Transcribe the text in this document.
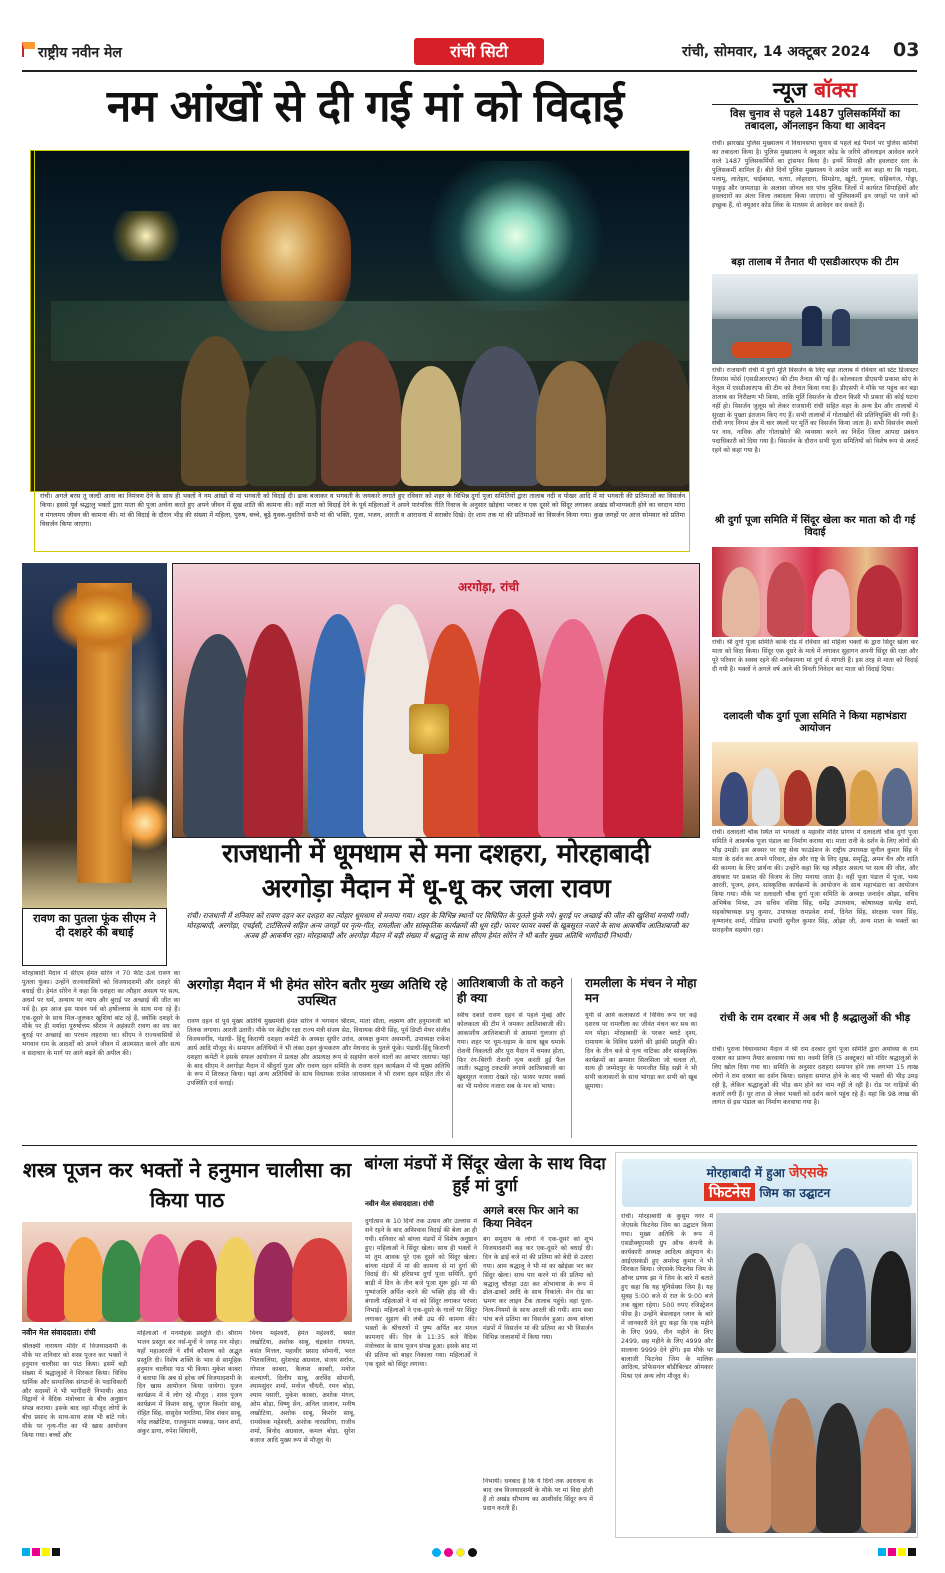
राष्ट्रीय नवीन मेल	रांची सिटी	रांची, सोमवार, 14 अक्टूबर 2024 03
नम आंखों से दी गई मां को विदाई
रांची। अगले बरस तू जल्दी आना का निमंत्रण देने के साथ ही भक्तों ने नम आंखों से मां भगवती को विदाई दी। ढाक बजाकर व भगवती के जयकारे लगाते हुए रविवार को शहर के विभिन्न दुर्गा पूजा समितियों द्वारा तालाब नदी व पोखर आदि में मां भगवती की प्रतिमाओं का विसर्जन किया। इससे पूर्व श्रद्धालु भक्तों द्वारा माता की पूजा अर्चना करते हुए अपने जीवन में सुख शांति की कामना की। वहीं माता को विदाई देने के पूर्व महिलाओं ने अपने पारंपरिक रीति रिवाज के अनुसार खोइंचा भरकर व एक दूसरे को सिंदूर लगाकर अखंड सौभाग्यवती होने का वरदान मांगा व मंगलमय जीवन की कामना की। मां की विदाई के दौरान भीड़ की संख्या में महिला, पुरुष, बच्चे, बूढ़े युवक-युवतियों सभी मां की भक्ति, पूजा, भजन, आरती व आराधना में सराबोर दिखे। देर शाम तक मां की प्रतिमाओं का विसर्जन किया गया। कुछ जगहों पर आज सोमवार को प्रतिमा विसर्जन किया जाएगा।
न्यूज बॉक्स
विस चुनाव से पहले 1487 पुलिसकर्मियों का तबादला, ऑनलाइन किया था आवेदन
रांची। झारखंड पुलिस मुख्यालय ने विधानसभा चुनाव से पहले बड़े पैमाने पर पुलिस कर्मियों का तबादला किया है। पुलिस मुख्यालय ने क्यूआर कोड के जरिये ऑनलाइन आवेदन करने वाले 1487 पुलिसकर्मियों का ट्रांसफर किया है। इनमें सिपाही और हवलदार स्तर के पुलिसकर्मी शामिल हैं। बीते दिनों पुलिस मुख्यालय ने आदेश जारी कर कहा था कि गढ़वा, पलामू, लातेहार, चाईबासा, चतरा, लोहरदगा, सिमडेगा, खूंटी, गुमला, सहिबगंज, गोड्डा, पाकुड़ और जामताड़ा के अलावा जोनल वार पांच पुलिस जिलों में कार्यरत सिपाहियों और हवलदारों का अंतर जिला तबादला किया जाएगा। वो पुलिसकर्मी इन जगहों पर जाने को इच्छुक हैं, वो क्यूआर कोड लिंक के माध्यम से आवेदन कर सकते हैं।
बड़ा तालाब में तैनात थी एसडीआरएफ की टीम
रांची। राजधानी रांची में दुर्गा मूर्ति विसर्जन के लिए बड़ा तालाब में रविवार को स्टेट डिजास्टर रिस्पांस फोर्स (एसडीआरएफ) की टीम तैनात की गई है। कोलकाता डीएसपी प्रकाश सोए के नेतृत्व में एसडीआरएफ की टीम को तैनात किया गया है। डीएसपी ने मौके पर पहुंच कर बड़ा तालाब का निरीक्षण भी किया, ताकि मूर्ति विसर्जन के दौरान किसी भी प्रकार की कोई घटना नहीं हो। विसर्जन जुलूस को लेकर राजधानी रांची सहित शहर के अन्य डैम और तालाबों में सुरक्षा के पुख्ता इंतजाम किए गए हैं। सभी तालाबों में गोताखोरों की प्रतिनियुक्ति की गयी है। रांची नगर निगम क्षेत्र में चार स्थलों पर मूर्ति का विसर्जन किया जाता है। सभी विसर्जन स्थलों पर नाव, नाविक और गोताखोरों की व्यवस्था करने का निर्देश जिला आपदा प्रबंधन पदाधिकारी को दिया गया है। विसर्जन के दौरान सभी पूजा समितियों को विशेष रूप से अलर्ट रहने को कहा गया है।
श्री दुर्गा पूजा समिति में सिंदूर खेला कर माता को दी गई विदाई
रांची। श्री दुर्गा पूजा समिति कांके रोड में रविवार को महिला भक्तों के द्वारा सिंदूर खेला कर माता को विदा किया। सिंदूर एक दूसरे के माथे में लगाकर सुहागन अपनी सिंदूर की रक्षा और पूरे परिवार के स्वस्थ रहने की मनोकामना मां दुर्गा से मांगती हैं। इस तरह से माता को विदाई दी गयी है। भक्तों ने अगले वर्ष आने की विनती निवेदन कर माता को विदाई दिया।
दलादली चौक दुर्गा पूजा समिति ने किया महाभंडारा आयोजन
रांची। दलादली चौक स्थित मां भगवती व महावीर मंदिर प्रांगण में दलादली चौक दुर्गा पूजा समिति ने आकर्षक पूजा पंडाल का निर्माण कराया था। माता रानी के दर्शन के लिए लोगों की भीड़ उमड़ी। इस अवसर पर राष्ट्र सेवा फाउंडेशन के राष्ट्रीय उपाध्यक्ष सुनील कुमार सिंह ने माता के दर्शन कर अपने परिवार, क्षेत्र और राष्ट्र के लिए सुख, समृद्धि, अमन चैन और शांति की कामना के लिए प्रार्थना की। उन्होंने कहा कि यह त्यौहार असत्य पर सत्य की जीत, और अंधकार पर प्रकाश की विजय के लिए मनाया जाता है। वहीं पूजा पंडाल में पूजा, भव्य आरती, पूजन, हवन, सांस्कृतिक कार्यक्रमों के आयोजन के साथ महाभंडारा का आयोजन किया गया। मौके पर दलादली चौक दुर्गा पूजा समिति के अध्यक्ष जनार्दन ओझा, सचिव अभिषेक मिश्रा, उप सचिव वशिष्ठ सिंह, धर्मेंद्र उपाध्याय, कोषाध्यक्ष सत्येंद्र शर्मा, सहकोषाध्यक्ष प्रभु कुमार, उपाध्यक्ष रामप्रवेश शर्मा, दिनेश सिंह, संरक्षक पवन सिंह, कृष्णानंद शर्मा, मीडिया प्रभारी सुनील कुमार सिंह, ओझा जी, अन्य माता के भक्तों का सराहनीय सहयोग रहा।
रांची के राम दरबार में अब भी है श्रद्धालुओं की भीड़
रांची। पुराना विधानसभा मैदान में श्री राम दरबार दुर्गा पूजा समिति द्वारा अयोध्या के राम दरबार का प्रारूप तैयार करवाया गया था। नवमी तिथि (5 अक्टूबर) को मंदिर श्रद्धालुओं के लिए खोल दिया गया था। समिति के अनुसार दशहरा समापन होने तक लगभग 15 लाख लोगों ने राम दरबार का दर्शन किया। दशहरा समाप्त होने के बाद भी भक्तों की भीड़ उमड़ रही है, लेकिन श्रद्धालुओं की भीड़ कम होने का नाम नहीं ले रही है। रोड पर गाड़ियों की कतारें लगी हैं। पूर ताज से लेकर भक्तों को दर्शन करने पहुंच रहे हैं। यहां कि 98 लाख की लागत से इस पंडाल का निर्माण करवाया गया है।
रावण का पुतला फूंक सीएम ने दी दशहरे की बधाई
मोरहाबादी मैदान में सीएम हेमंत सोरेन ने 70 फीट ऊंचे रावण का पुतला फूंका। उन्होंने राज्यवासियों को विजयादशमी और दशहरे की बधाई दी। हेमंत सोरेन ने कहा कि दशहरा का त्यौहार असत्य पर सत्य, अधर्म पर धर्म, अन्याय पर न्याय और बुराई पर अच्छाई की जीत का पर्व है। हम आज इस पावन पर्व को हर्षोल्लास के साथ मना रहे हैं। एक-दूसरे के साथ मिल-जुलकर खुशियां बांट रहे हैं, क्योंकि दशहरे के मौके पर ही मर्यादा पुरुषोत्तम श्रीराम ने अहंकारी रावण का वध कर बुराई पर अच्छाई का परचम लहराया था। सीएम ने राज्यवासियों से भगवान राम के आदर्शों को अपने जीवन में आत्मसात करने और सत्य व सदाचार के मार्ग पर आगे बढ़ने की अपील की।
अरगोड़ा, रांची
राजधानी में धूमधाम से मना दशहरा, मोरहाबादी
अरगोड़ा मैदान में धू-धू कर जला रावण
रांची। राजधानी में शनिवार को रावण दहन कर दशहरा का त्योहार धूमधाम से मनाया गया। शहर के विभिन्न स्थानों पर विधिवित के पुतले फूंके गये। बुराई पर अच्छाई की जीत की खुशियां मनायी गयी। मोरहाबादी, अरगोड़ा, एचईसी, टार्टसिलवे सहित अन्य जगहों पर नृत्य-गीत, रामलीला और सांस्कृतिक कार्यक्रमों की धूम रही। फायर फायर वर्क्स के खूबसूरत नजारे के साथ आकर्षीय आतिशबाजी का अजब ही आकर्षण रहा। मोरहाबादी और अरगोड़ा मैदान में बड़ी संख्या में श्रद्धालु के साथ सीएम हेमंत सोरेन ने भी बतौर मुख्य अतिथि भागीदारी निभायी।
अरगोड़ा मैदान में भी हेमंत सोरेन बतौर मुख्य अतिथि रहे उपस्थित
रावण दहन से पूर्व मुख्य अतिथि मुख्यमंत्री हेमंत सोरेन ने भगवान श्रीराम, माता सीता, लक्ष्मण और हनुमानजी को तिलक लगाया। आरती उतारी। मौके पर केंद्रीय रक्षा राज्य मंत्री संजय सेठ, विधायक सीपी सिंह, पूर्व डिप्टी मेयर संजीव विजयवर्गीय, पंडाधी- हिंदू किराणी दशहरा कमेटी के अध्यक्ष सुधीर उरांव, अध्यक्ष कुमार अवमानी, उपाध्यक्ष राकेश आर्य आदि मौजूद थे। समापन अतिथियों ने भी लंका दहन कुंभकरण और मेघनाद के पुतले फूंके। पंडाधी-हिंदू किराणी दशहरा कमेटी ने इसके सफल आयोजन में प्रत्यक्ष और अप्रत्यक्ष रूप से सहयोग करने वालों का आभार जताया। यहां के बाद सीएम ने अरगोड़ा मैदान में श्रीदुर्गा पूजा और रावण दहन समिति के रावण दहन कार्यक्रम में भी मुख्य अतिथि के रूप में शिरकत किया। यहां अन्य अतिथियों के साथ विधायक राजेश जायसवाल ने भी रावण दहन सहित तीर से उपस्थिति दर्ज कराई।
आतिशबाजी के तो कहने ही क्या
स्वीच दबाते रावण दहन से पहले मुंबई और कोलकाता की टीम ने जमकर आतिशबाजी की। आकाशीय आतिशबाजी से आसमां गुलजार हो गया। शहर पर धूम-धड़ाम के साथ खूब धमाके रोशनी निकलती और पूरा मैदान में चमका होता, फिर रंग-बिरंगी रोशनी नृत्य करती हुई फैल जाती। श्रद्धालु टकटकी लगाये आतिशबाजी का खूबसूरत नजारा देखते रहे। फायर फायर वर्क्स का भी मनोरम नजारा सब के मन को भाया।
रामलीला के मंचन ने मोहा मन
यूपी से आये कलाकारों ने विविध रूप धर कई दशरथ पर रामलीला का जीवंत मंचन कर सब का मन मोहा। मोरहाबादी के परकर ब्लाटे दृश्य, रामायण के विविध प्रसंगों की झांकी प्रस्तुति की। दिन के तीन बजे से नृत्य नाटिका और सांस्कृतिक कार्यक्रमों का क्रमवार सिलसिला जो चलता तो, साथ ही जम्मेदपुर के परमजीत सिंह सन्नी ने भी सभी कलाकारों के साथ भांगड़ा कर सभी को खूब झुमाया।
शस्त्र पूजन कर भक्तों ने हनुमान चालीसा का किया पाठ
नवीन मेल संवाददाता। रांची
श्रीलक्ष्मी नारायण मंदिर में विजयादशमी के मौके पर शनिवार को शस्त्र पूजन कर भक्तों ने हनुमान चालीसा का पाठ किया। इसमें बड़ी संख्या में श्रद्धालुओं ने शिरकत किया। विविध धार्मिक और सामाजिक संगठनों के पदाधिकारी और सदस्यों ने भी भागीदारी निभायी। आठ विद्वानों ने वैदिक मंत्रोच्चार के बीच अनुष्ठान संपन्न कराया। इसके बाद वहां मौजूद लोगों के बीच प्रसाद के साथ-साथ शस्त्र भी बांटे गये। मौके पर नृत्य-गीत का भी खास आयोजन किया गया। बच्चों और
महिलाओं ने मनमोहक प्रस्तुति दी। श्रीराम भजन प्रस्तुत कर नर्स-मुनों ने जगह मन मोहा। यहाँ महाआरती ने शौर्य कौशल्य को अद्भुत प्रस्तुति दी। विशेष शक्ति के भाव से सामूहिक हनुमान चालीसा पाठ भी किया। मुकेश काबरा ने बताया कि अब से हरेक वर्ष विजयादशमी के दिन खास आयोजन किया जायेगा। पूजन कार्यक्रम में ये लोग रहे मौजूद : शस्त्र पूजन कार्यक्रम में किशन साबू, जुगल किशोर साबू, रोहित सिंह, वासुदेव भरतिया, शिव शंकर साबू, नरेंद्र लखोटिया, राजकुमार मक्कड़, पवन शर्मा, अंकुर डागा, रुपेश सिंघानी,
विनय महेश्वरी, हेमंत महेश्वरी, बसंत लखोटिया, अशोक साबू, चंद्रकांत रायपत, बसंत मित्तल, महावीर प्रसाद सोमानी, भरत भितवालिया, सुरेशचंद्र अग्रवाल, संजय सर्राफ, गोपाल काबरा, कैलाश काबरी, मनोज कल्याणी, दिलीप साबू, अरविंद सोमानी, श्यामसुंदर शर्मा, मनोज चौधरी, रमन बोड़ा, श्याम पसारी, मुकेश काबरा, अशोक मंगल, ओम बोड़ा, विष्णु सेन, अनिल जालान, मनीष लखोटिया, अशोक साबू, किशोर साबू, रामसेवक महेश्वरी, अशोक नारसरिया, राजीव शर्मा, बिनोद अग्रवाल, कमल बोड़ा, सुरेश बजाज आदि मुख्य रूप से मौजूद थे।
बांग्ला मंडपों में सिंदूर खेला के साथ विदा हुईं मां दुर्गा
नवीन मेल संवाददाता। रांची
दुर्गोत्सव के 10 दिनों तक उत्सव और उल्लास में सने रहने के बाद अविश्वास विदाई की बेला आ ही गयी। शनिवार को बांग्ला मंडपों में विशेष अनुष्ठान हुए। महिलाओं ने सिंदूर खेला। साथ ही भक्तों ने मां तुम आवक पूरे एक दूसरे को सिंदूर खेला। बांग्ला मंडपों में मां की कामना से मां दुर्गा की विदाई दी। श्री हरिसभा दुर्गा पूजा समिति, दुर्गा बाड़ी में दिन के तीन बजे पूजा शुरू हुई। मां की पुष्पांजलि अर्पित करने की भक्ति होड़ सी थी। बंगाली महिलाओं ने मां को सिंदूर लगाकर परंपरा निभाई। महिलाओं ने एक-दूसरे के गालों पर सिंदूर लगाकर सुहाग की लंबी उम्र की कामना की। भक्तों के श्रीचरणों में पुष्प अर्पित कर मंगल कामनाएं कीं। दिन के 11:35 बजे वैदिक मंत्रोच्चार के साथ पूजन संपन्न हुआ। इसके बाद मां की प्रतिमा को बाहर निकाला गया। महिलाओं ने एक दूसरे को सिंदूर लगाया।
अगले बरस फिर आने का किया निवेदन
बंग समुदाय के लोगों ने एक-दूसरे को शुभ विजयादशमी कह कर एक-दूसरे को बधाई दी। दिन के ढाई बजे मां की प्रतिमा को बेदी से उतारा गया। आम श्रद्धालु ने भी मां का खोइंछा भर कर सिंदूर खेला। साथ पार करने मां की प्रतिमा को श्रद्धालु चौराहा उठा कर शोभायात्रा के रूप में ढोल-ढाकों आदि के साथ निकाले। मेन रोड का भ्रमण कर लाइन टैंक तालाब पहुंचे। वहां पूजा-नित्य-नियमों के साथ आरती की गयी। शाम सवा पांच बजे प्रतिमा का विसर्जन हुआ। अन्य बांग्ला मंडपों में विसर्जन मां की प्रतिमा का भी विसर्जन विभिन्न जलाशयों में किया गया।
निभायी। धनबाद है कि ये दिनों तक आराधना के बाद जब विजयादशमी के मौके पर मां विदा होती हैं तो अखंड सौभाग्य का आशीर्वाद सिंदूर रूप में प्रदान करती हैं।
मोरहाबादी में हुआ जेएसके
फिटनेस जिम का उद्घाटन
रांची। मोरहाबादी के कुसुम नगर में जेएसके फिटनेस जिम का उद्घाटन किया गया। मुख्य अतिथि के रूप में एसडीक्यूएमसी ग्रुप ऑफ कंपनी के कार्यकारी अध्यक्ष आदित्य अंशुमान थे। आईएसकंडी हुए अमरेन्द्र कुमार ने भी शिरकत किया। जेएसके फिटनेस जिम के ऑनर प्रणय झा ने जिम के बारे में बताते हुए कहा कि यह यूनिसेक्स जिम है। यह सुबह 5:00 बजे से रात के 9:00 बजे तक खुला रहेगा। 500 रुपए रजिस्ट्रेशन फीस है। उन्होंने बेसलाइन प्लान के बारे में जानकारी देते हुए कहा कि एक महीने के लिए 999, तीन महीने के लिए 2499, छह महीने के लिए 4999 और सालाना 9999 देने होंगे। इस मौके पर बालाजी फिटनेस जिम के मालिक आदित्य, प्रोफेसनल बॉडीबिल्डर ओमकार मिश्रा एवं अन्य लोग मौजूद थे।
